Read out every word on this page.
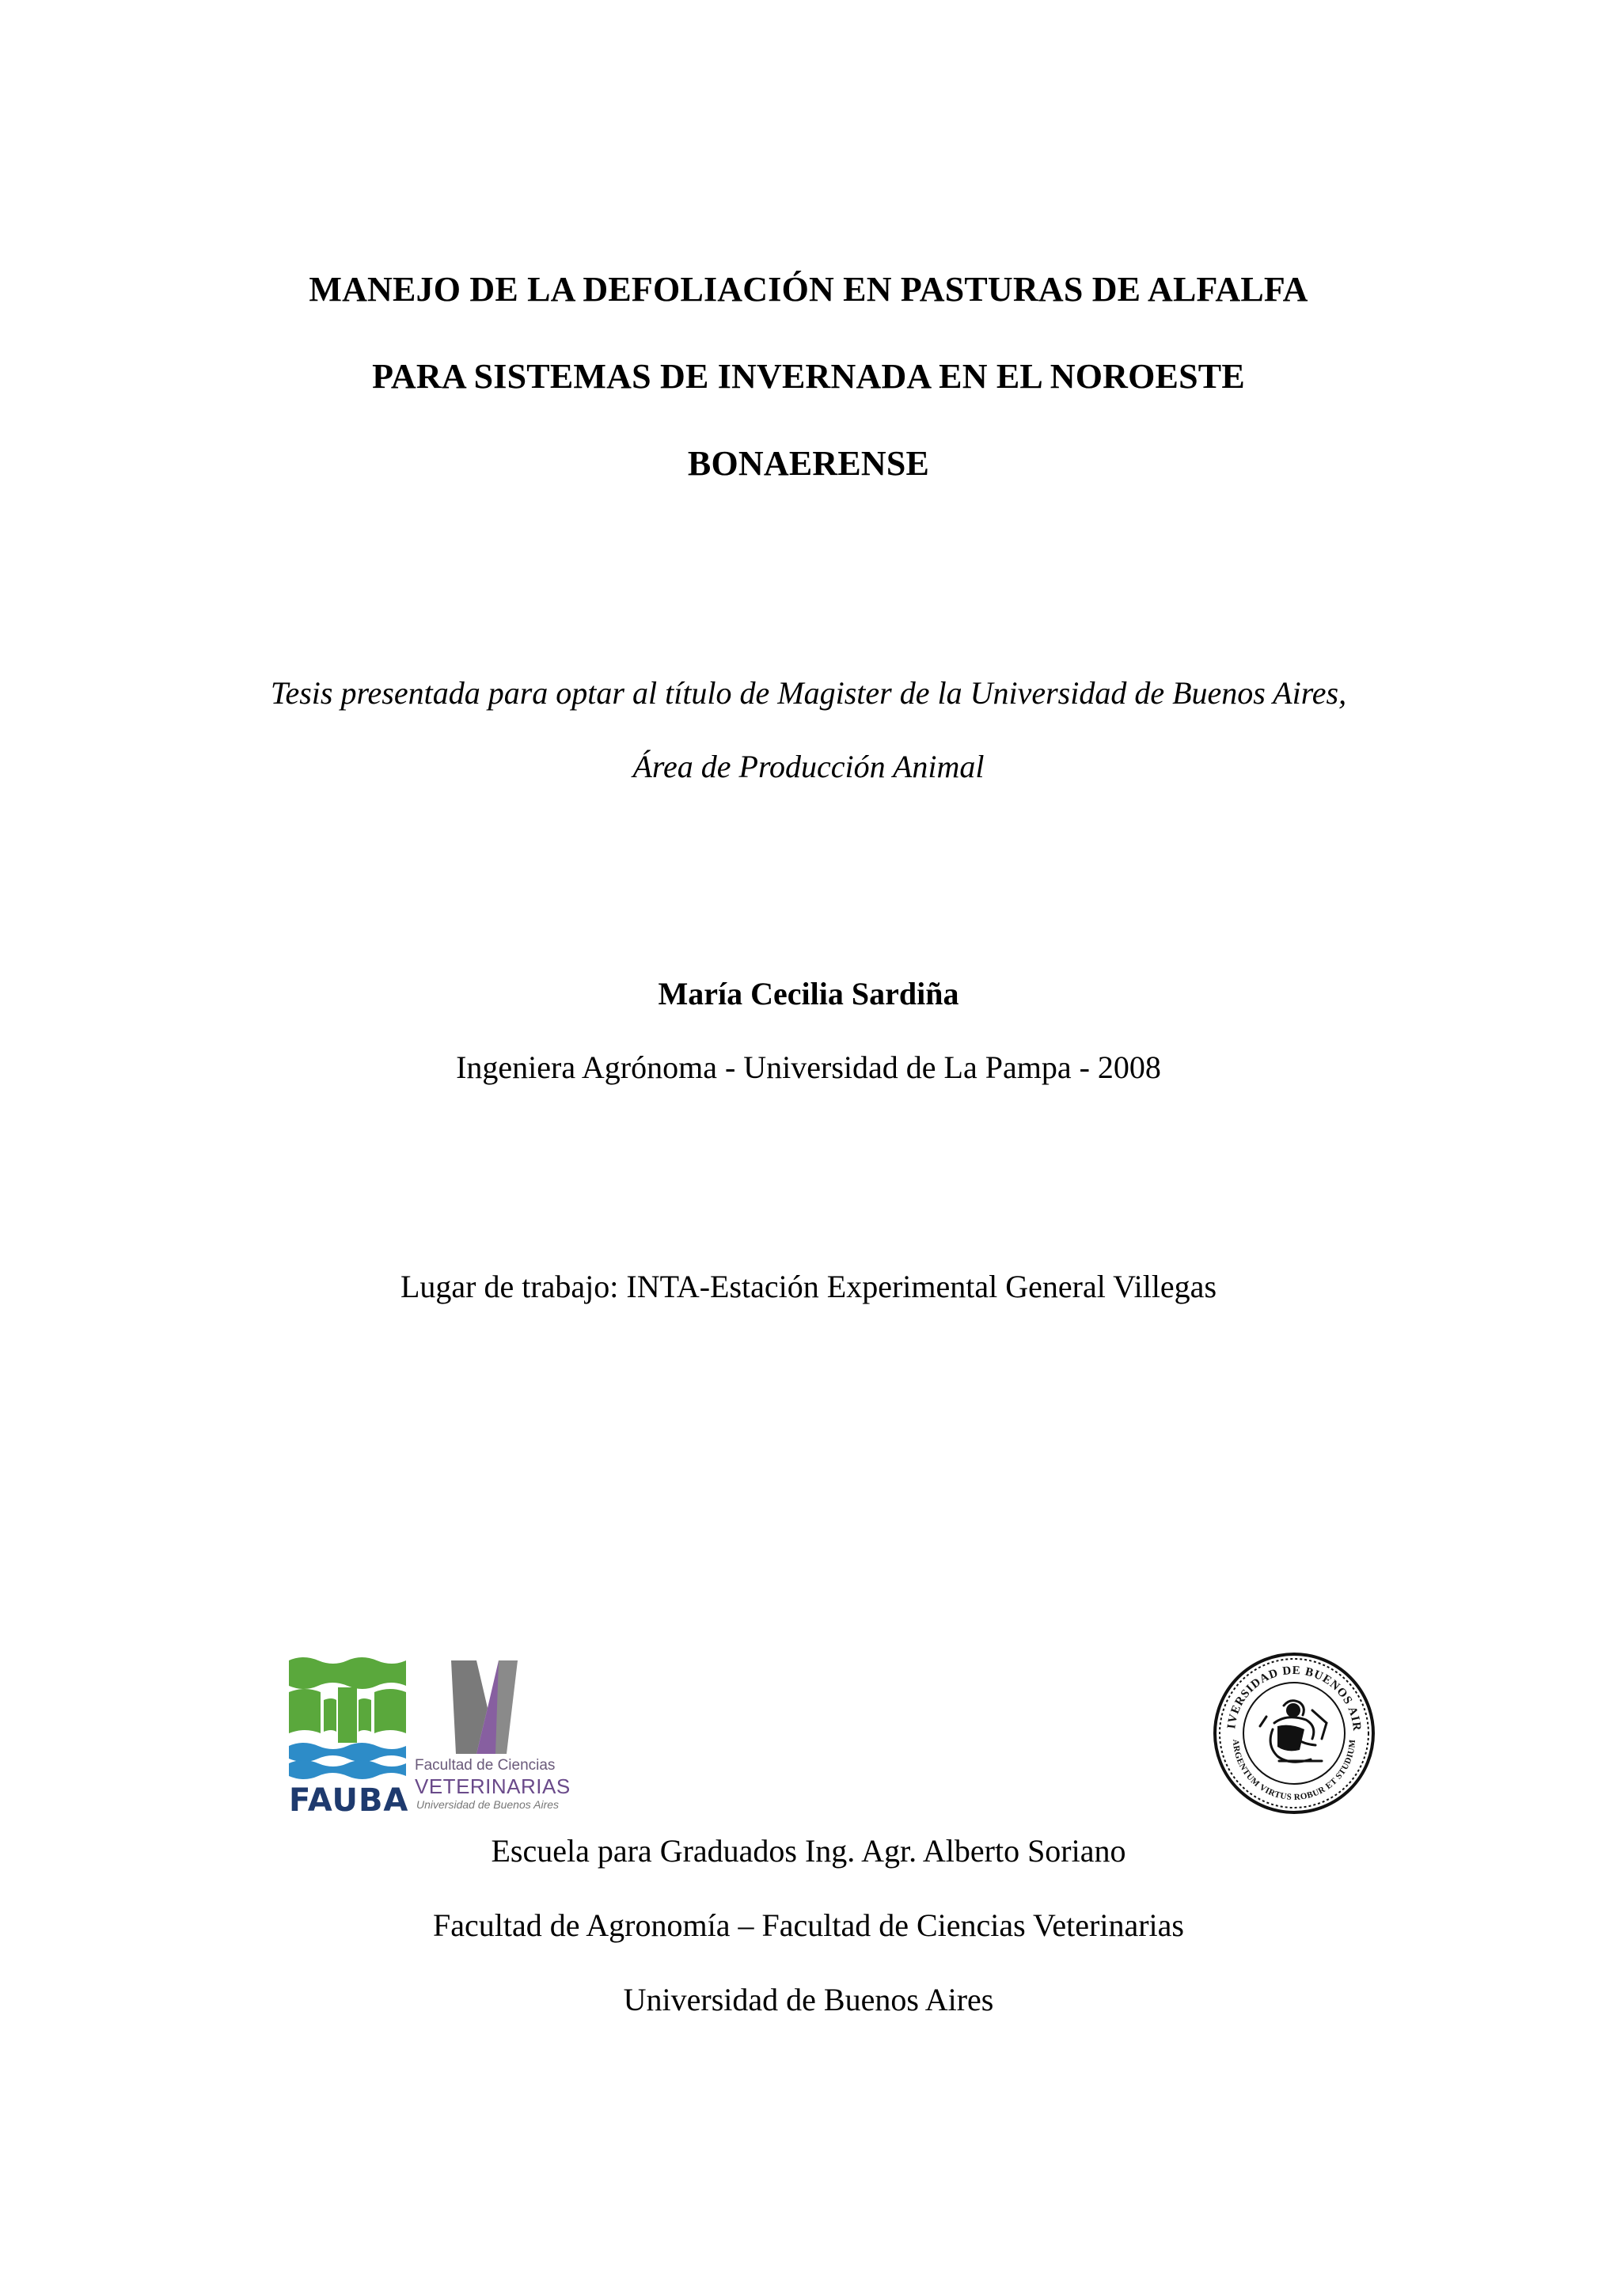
MANEJO DE LA DEFOLIACIÓN EN PASTURAS DE ALFALFA
PARA SISTEMAS DE INVERNADA EN EL NOROESTE
BONAERENSE
Tesis presentada para optar al título de Magister de la Universidad de Buenos Aires,
Área de Producción Animal
María Cecilia Sardiña
Ingeniera Agrónoma - Universidad de La Pampa - 2008
Lugar de trabajo: INTA-Estación Experimental General Villegas
FAUBA
Facultad de Ciencias
VETERINARIAS
Universidad de Buenos Aires
IVERSIDAD DE BUENOS AIR
ARGENTUM VIRTUS ROBUR ET STUDIUM
Escuela para Graduados Ing. Agr. Alberto Soriano
Facultad de Agronomía – Facultad de Ciencias Veterinarias
Universidad de Buenos Aires
